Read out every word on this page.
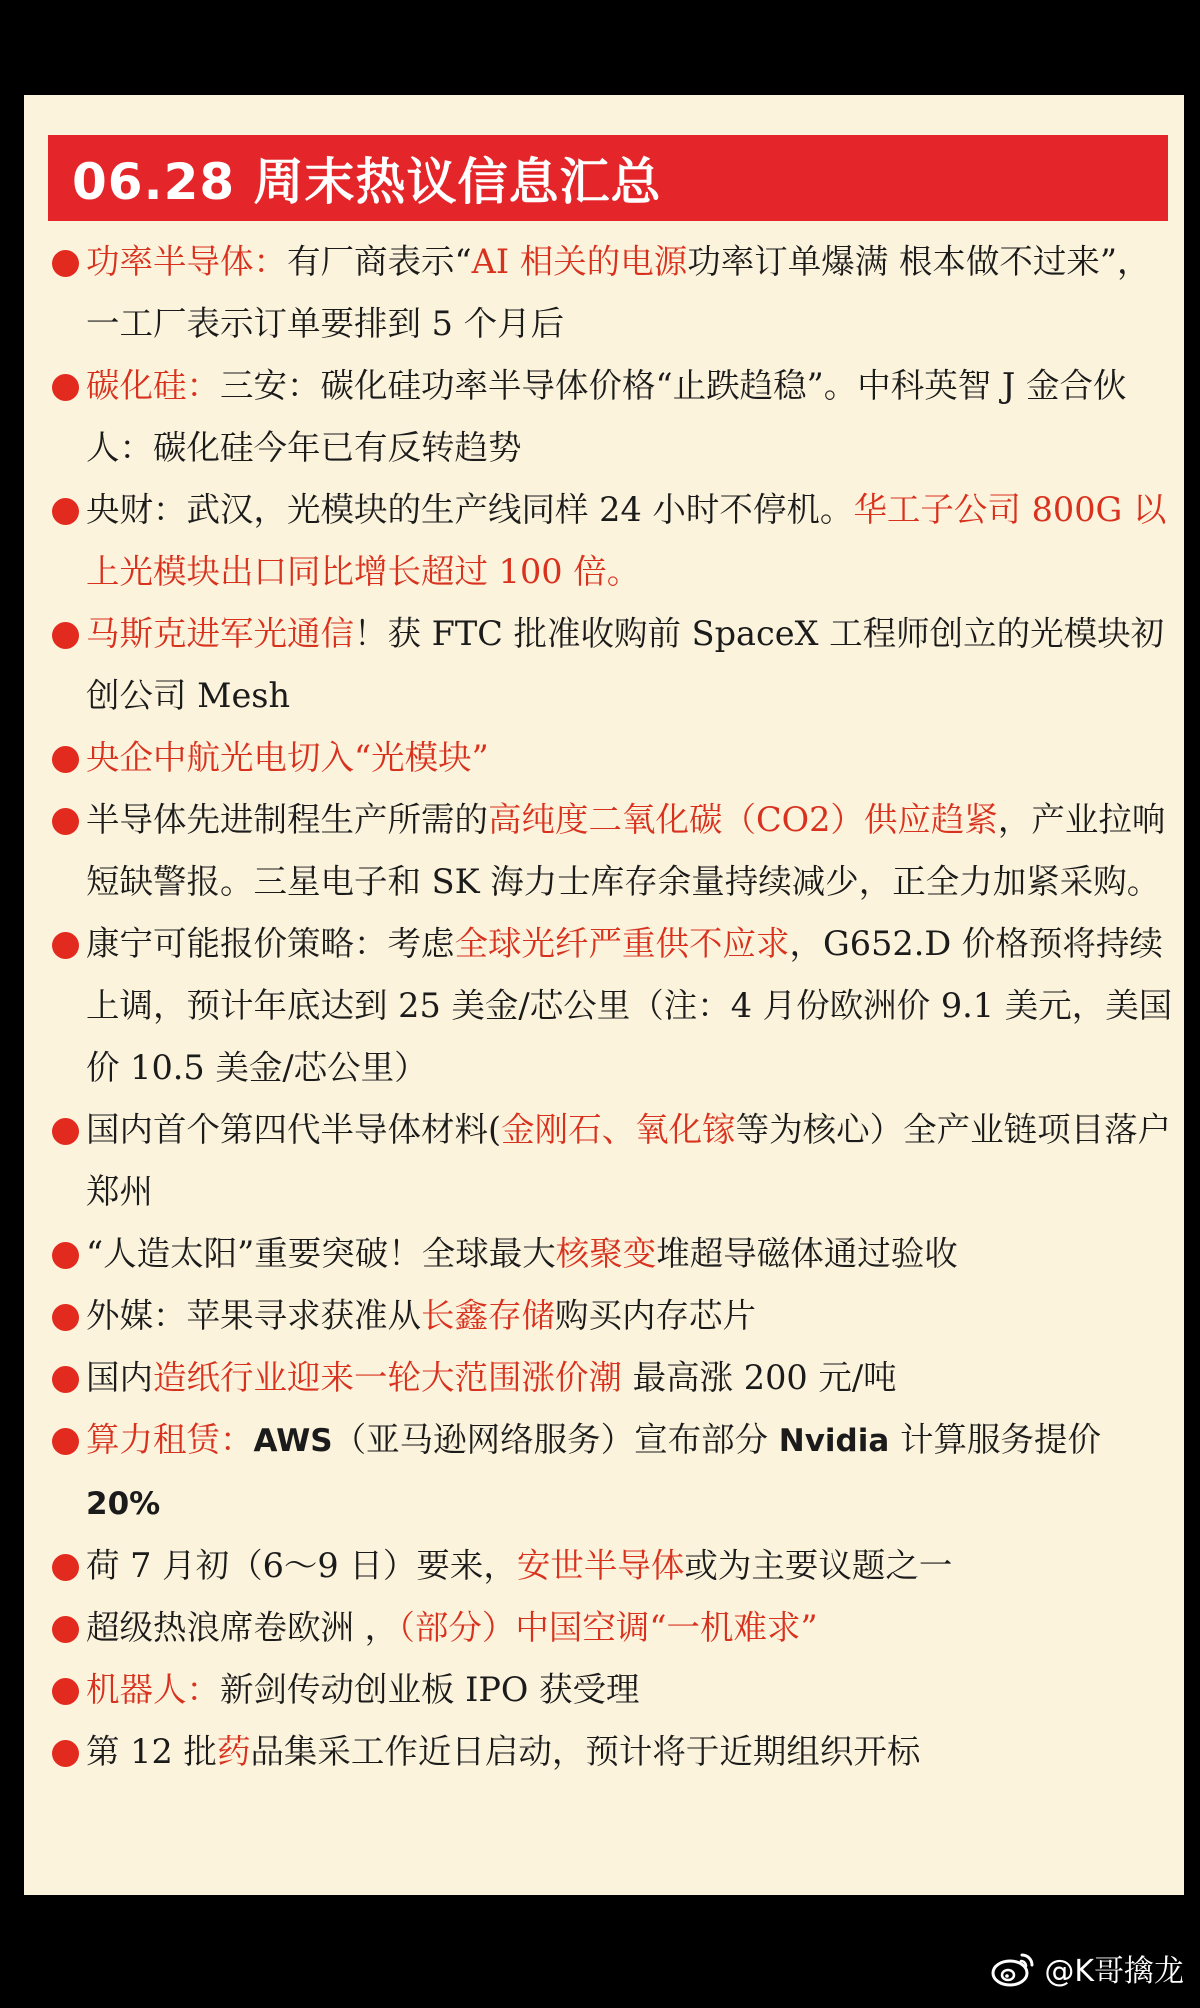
06.28 周末热议信息汇总
功率半导体：有厂商表示“AI 相关的电源功率订单爆满 根本做不过来”，一工厂表示订单要排到 5 个月后
碳化硅：三安：碳化硅功率半导体价格“止跌趋稳”。中科英智 J 金合伙人：碳化硅今年已有反转趋势
央财：武汉，光模块的生产线同样 24 小时不停机。华工子公司 800G 以上光模块出口同比增长超过 100 倍。
马斯克进军光通信！获 FTC 批准收购前 SpaceX 工程师创立的光模块初创公司 Mesh
央企中航光电切入“光模块”
半导体先进制程生产所需的高纯度二氧化碳（CO2）供应趋紧，产业拉响短缺警报。三星电子和 SK 海力士库存余量持续减少，正全力加紧采购。
康宁可能报价策略：考虑全球光纤严重供不应求，G652.D 价格预将持续上调，预计年底达到 25 美金/芯公里（注：4 月份欧洲价 9.1 美元，美国价 10.5 美金/芯公里）
国内首个第四代半导体材料(金刚石、氧化镓等为核心）全产业链项目落户郑州
“人造太阳”重要突破！全球最大核聚变堆超导磁体通过验收
外媒：苹果寻求获准从长鑫存储购买内存芯片
国内造纸行业迎来一轮大范围涨价潮 最高涨 200 元/吨
算力租赁：AWS（亚马逊网络服务）宣布部分 Nvidia 计算服务提价 20%
荷 7 月初（6～9 日）要来，安世半导体或为主要议题之一
超级热浪席卷欧洲 ，（部分）中国空调“一机难求”
机器人：新剑传动创业板 IPO 获受理
第 12 批药品集采工作近日启动，预计将于近期组织开标
@K哥擒龙
